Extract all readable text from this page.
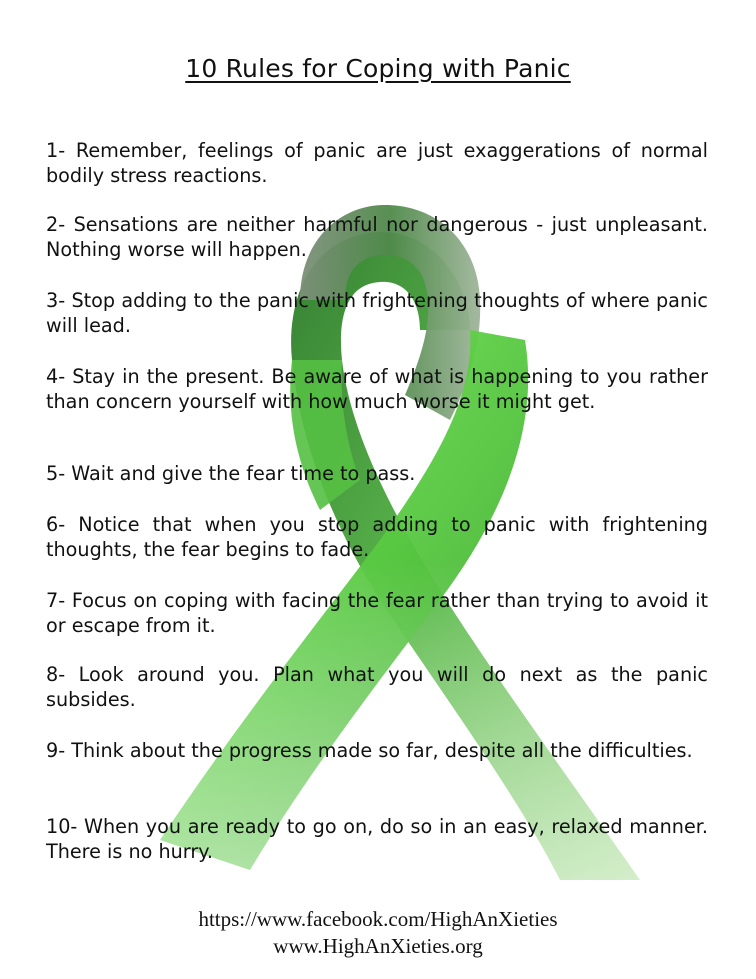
10 Rules for Coping with Panic
1- Remember, feelings of panic are just exaggerations of normal bodily stress reactions.
2- Sensations are neither harmful nor dangerous - just unpleasant. Nothing worse will happen.
3- Stop adding to the panic with frightening thoughts of where panic will lead.
4- Stay in the present. Be aware of what is happening to you rather than concern yourself with how much worse it might get.
5- Wait and give the fear time to pass.
6- Notice that when you stop adding to panic with frightening thoughts, the fear begins to fade.
7- Focus on coping with facing the fear rather than trying to avoid it or escape from it.
8- Look around you. Plan what you will do next as the panic subsides.
9- Think about the progress made so far, despite all the difficulties.
10- When you are ready to go on, do so in an easy, relaxed manner. There is no hurry.
https://www.facebook.com/HighAnXieties
www.HighAnXieties.org
